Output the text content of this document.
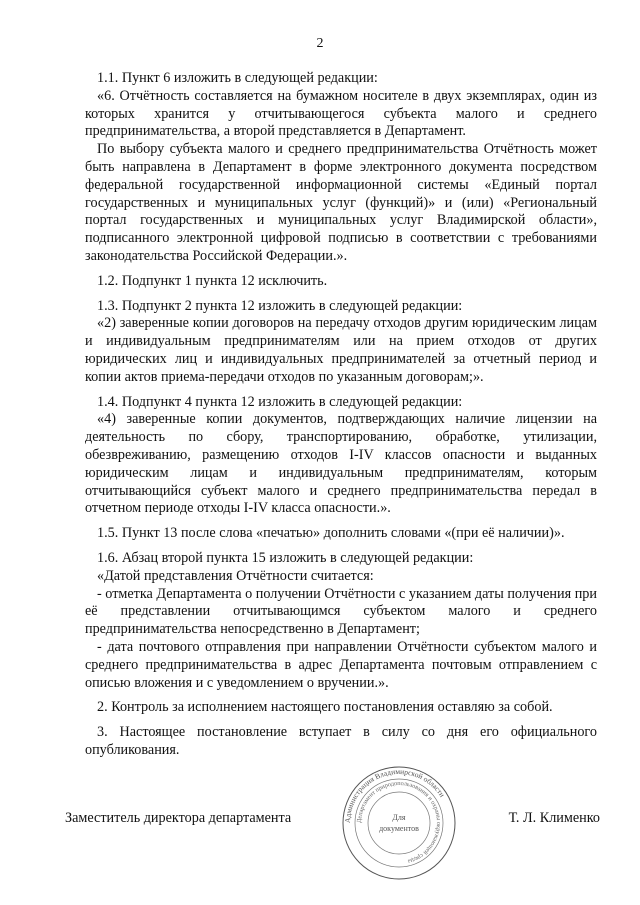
2

1.1. Пункт 6 изложить в следующей редакции:

«6. Отчётность составляется на бумажном носителе в двух экземплярах, один из которых хранится у отчитывающегося субъекта малого и среднего предпринимательства, а второй представляется в Департамент.

По выбору субъекта малого и среднего предпринимательства Отчётность может быть направлена в Департамент в форме электронного документа посредством федеральной государственной информационной системы «Единый портал государственных и муниципальных услуг (функций)» и (или) «Региональный портал государственных и муниципальных услуг Владимирской области», подписанного электронной цифровой подписью в соответствии с требованиями законодательства Российской Федерации.».

1.2. Подпункт 1 пункта 12 исключить.

1.3. Подпункт 2 пункта 12 изложить в следующей редакции:

«2) заверенные копии договоров на передачу отходов другим юридическим лицам и индивидуальным предпринимателям или на прием отходов от других юридических лиц и индивидуальных предпринимателей за отчетный период и копии актов приема-передачи отходов по указанным договорам;».

1.4. Подпункт 4 пункта 12 изложить в следующей редакции:

«4) заверенные копии документов, подтверждающих наличие лицензии на деятельность по сбору, транспортированию, обработке, утилизации, обезвреживанию, размещению отходов I-IV классов опасности и выданных юридическим лицам и индивидуальным предпринимателям, которым отчитывающийся субъект малого и среднего предпринимательства передал в отчетном периоде отходы I-IV класса опасности.».

1.5. Пункт 13 после слова «печатью» дополнить словами «(при её наличии)».

1.6. Абзац второй пункта 15 изложить в следующей редакции:

«Датой представления Отчётности считается:

- отметка Департамента о получении Отчётности с указанием даты получения при её представлении отчитывающимся субъектом малого и среднего предпринимательства непосредственно в Департамент;

- дата почтового отправления при направлении Отчётности субъектом малого и среднего предпринимательства в адрес Департамента почтовым отправлением с описью вложения и с уведомлением о вручении.».

2. Контроль за исполнением настоящего постановления оставляю за собой.

3. Настоящее постановление вступает в силу со дня его официального опубликования.

Заместитель директора департамента	Т. Л. Клименко
Администрация Владимирской области
Департамент природопользования и охраны окружающей среды
Для
документов
